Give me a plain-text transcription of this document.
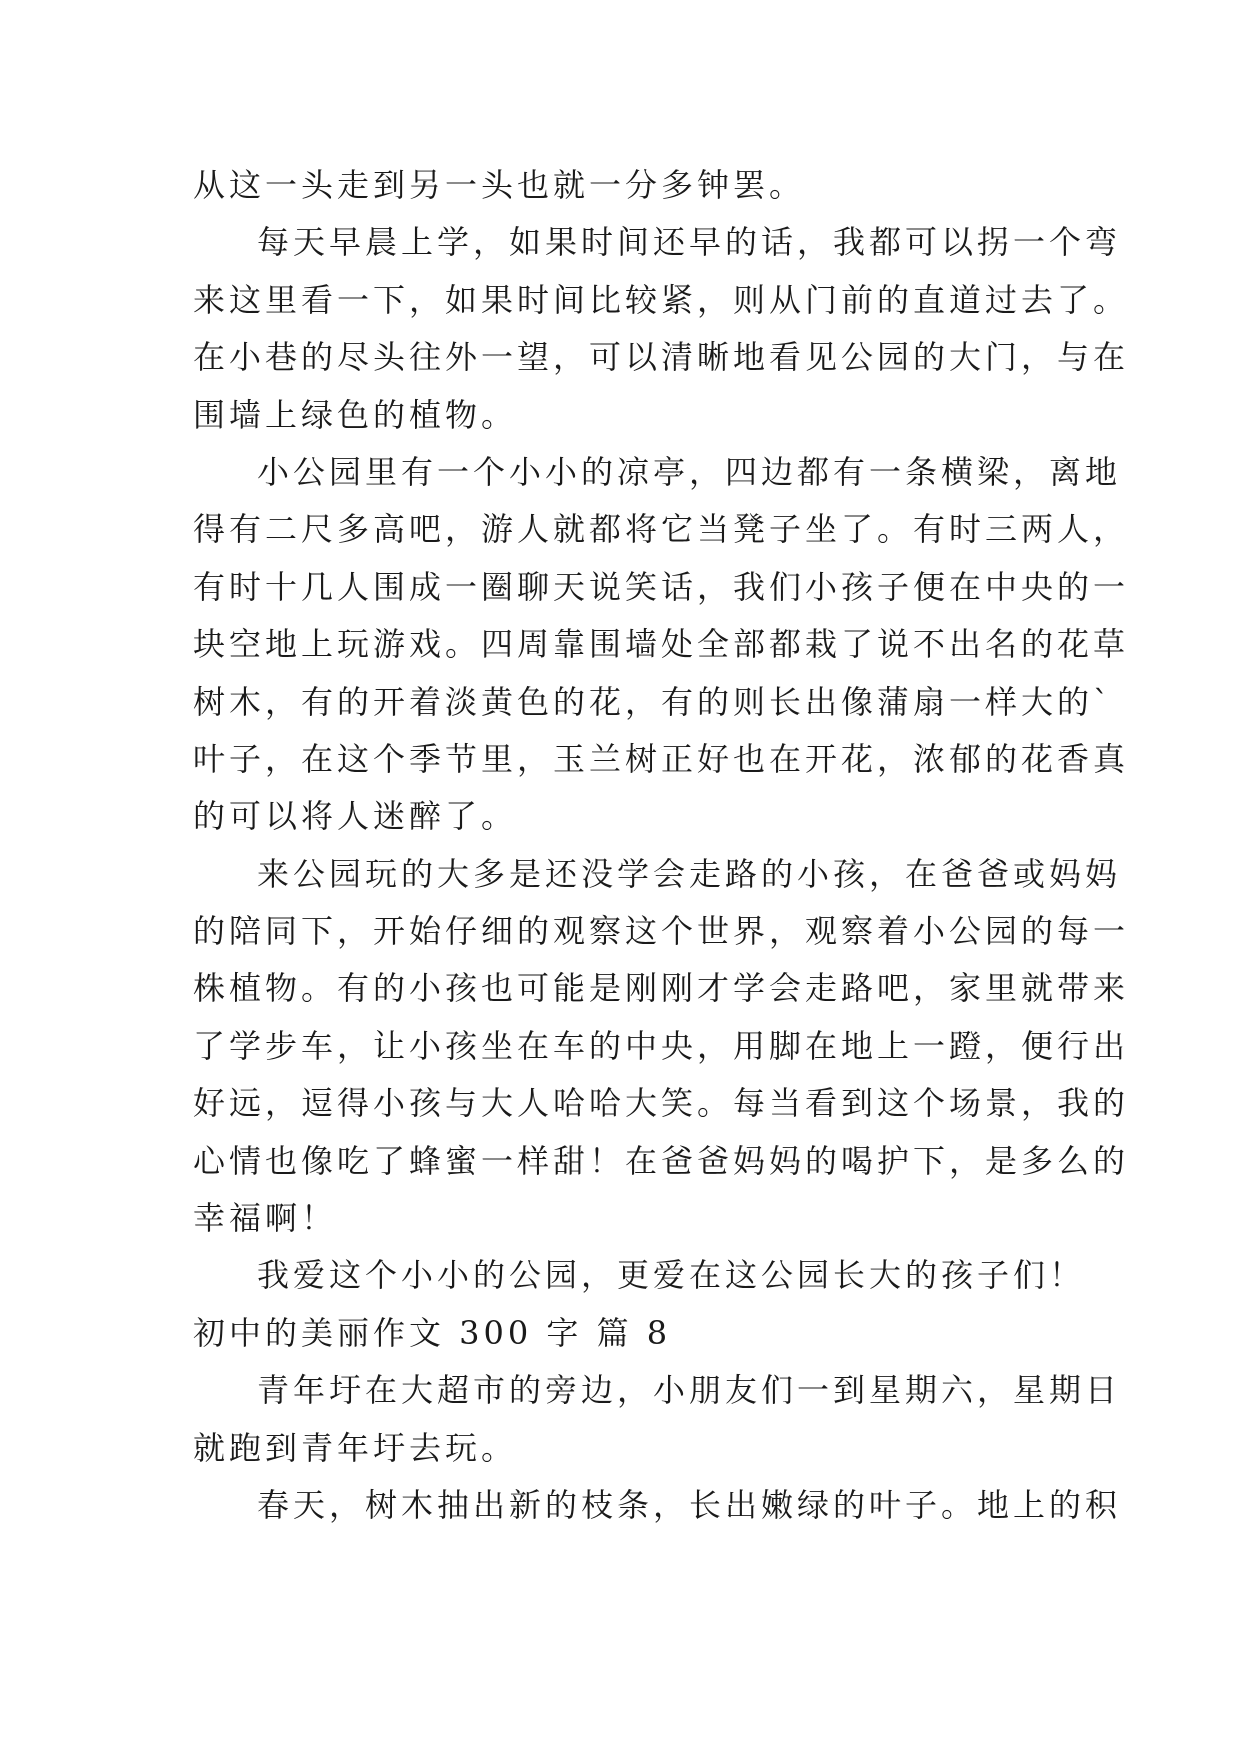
从这一头走到另一头也就一分多钟罢。
每天早晨上学，如果时间还早的话，我都可以拐一个弯
来这里看一下，如果时间比较紧，则从门前的直道过去了。
在小巷的尽头往外一望，可以清晰地看见公园的大门，与在
围墙上绿色的植物。
小公园里有一个小小的凉亭，四边都有一条横梁，离地
得有二尺多高吧，游人就都将它当凳子坐了。有时三两人，
有时十几人围成一圈聊天说笑话，我们小孩子便在中央的一
块空地上玩游戏。四周靠围墙处全部都栽了说不出名的花草
树木，有的开着淡黄色的花，有的则长出像蒲扇一样大的`
叶子，在这个季节里，玉兰树正好也在开花，浓郁的花香真
的可以将人迷醉了。
来公园玩的大多是还没学会走路的小孩，在爸爸或妈妈
的陪同下，开始仔细的观察这个世界，观察着小公园的每一
株植物。有的小孩也可能是刚刚才学会走路吧，家里就带来
了学步车，让小孩坐在车的中央，用脚在地上一蹬，便行出
好远，逗得小孩与大人哈哈大笑。每当看到这个场景，我的
心情也像吃了蜂蜜一样甜！在爸爸妈妈的喝护下，是多么的
幸福啊！
我爱这个小小的公园，更爱在这公园长大的孩子们！
初中的美丽作文 300 字 篇 8
青年圩在大超市的旁边，小朋友们一到星期六，星期日
就跑到青年圩去玩。
春天，树木抽出新的枝条，长出嫩绿的叶子。地上的积
